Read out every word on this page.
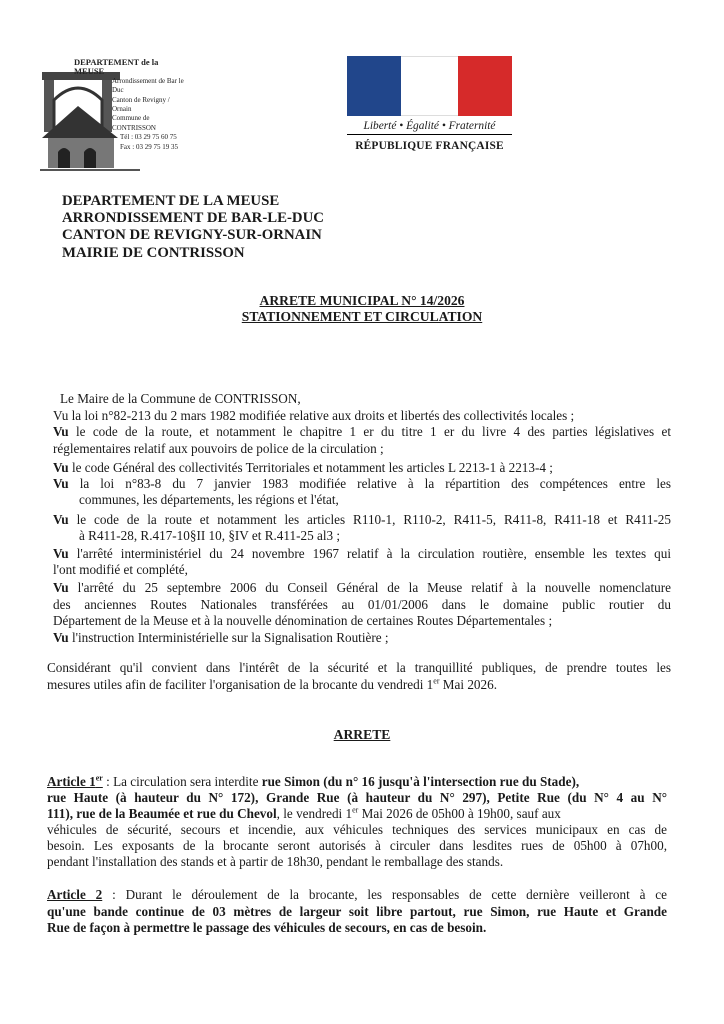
DEPARTEMENT de la MEUSE
Arrondissement de Bar le Duc
Canton de Revigny / Ornain
Commune de CONTRISSON
Tél : 03 29 75 60 75
Fax : 03 29 75 19 35
Liberté • Égalité • Fraternité
RÉPUBLIQUE FRANÇAISE
DEPARTEMENT DE LA MEUSE
ARRONDISSEMENT DE BAR-LE-DUC
CANTON DE REVIGNY-SUR-ORNAIN
MAIRIE DE CONTRISSON
ARRETE MUNICIPAL N° 14/2026
STATIONNEMENT ET CIRCULATION
Le Maire de la Commune de CONTRISSON,
Vu la loi n°82-213 du 2 mars 1982 modifiée relative aux droits et libertés des collectivités locales ;
Vu le code de la route, et notamment le chapitre 1 er du titre 1 er du livre 4 des parties législatives et
réglementaires relatif aux pouvoirs de police de la circulation ;
Vu le code Général des collectivités Territoriales et notamment les articles L 2213-1 à 2213-4 ;
Vu la loi n°83-8 du 7 janvier 1983 modifiée relative à la répartition des compétences entre les
communes, les départements, les régions et l'état,
Vu le code de la route et notamment les articles R110-1, R110-2, R411-5, R411-8, R411-18 et R411-25
à R411-28, R.417-10§II 10, §IV et R.411-25 al3 ;
Vu l'arrêté interministériel du 24 novembre 1967 relatif à la circulation routière, ensemble les textes qui
l'ont modifié et complété,
Vu l'arrêté du 25 septembre 2006 du Conseil Général de la Meuse relatif à la nouvelle nomenclature
des anciennes Routes Nationales transférées au 01/01/2006 dans le domaine public routier du
Département de la Meuse et à la nouvelle dénomination de certaines Routes Départementales ;
Vu l'instruction Interministérielle sur la Signalisation Routière ;
Considérant qu'il convient dans l'intérêt de la sécurité et la tranquillité publiques, de prendre toutes les
mesures utiles afin de faciliter l'organisation de la brocante du vendredi 1er Mai 2026.
ARRETE
Article 1er : La circulation sera interdite rue Simon (du n° 16 jusqu'à l'intersection rue du Stade),
rue Haute (à hauteur du N° 172), Grande Rue (à hauteur du N° 297), Petite Rue (du N° 4 au N°
111), rue de la Beaumée et rue du Chevol, le vendredi 1er Mai 2026 de 05h00 à 19h00, sauf aux
véhicules de sécurité, secours et incendie, aux véhicules techniques des services municipaux en cas de
besoin. Les exposants de la brocante seront autorisés à circuler dans lesdites rues de 05h00 à 07h00,
pendant l'installation des stands et à partir de 18h30, pendant le remballage des stands.
Article 2 : Durant le déroulement de la brocante, les responsables de cette dernière veilleront à ce
qu'une bande continue de 03 mètres de largeur soit libre partout, rue Simon, rue Haute et Grande
Rue de façon à permettre le passage des véhicules de secours, en cas de besoin.
